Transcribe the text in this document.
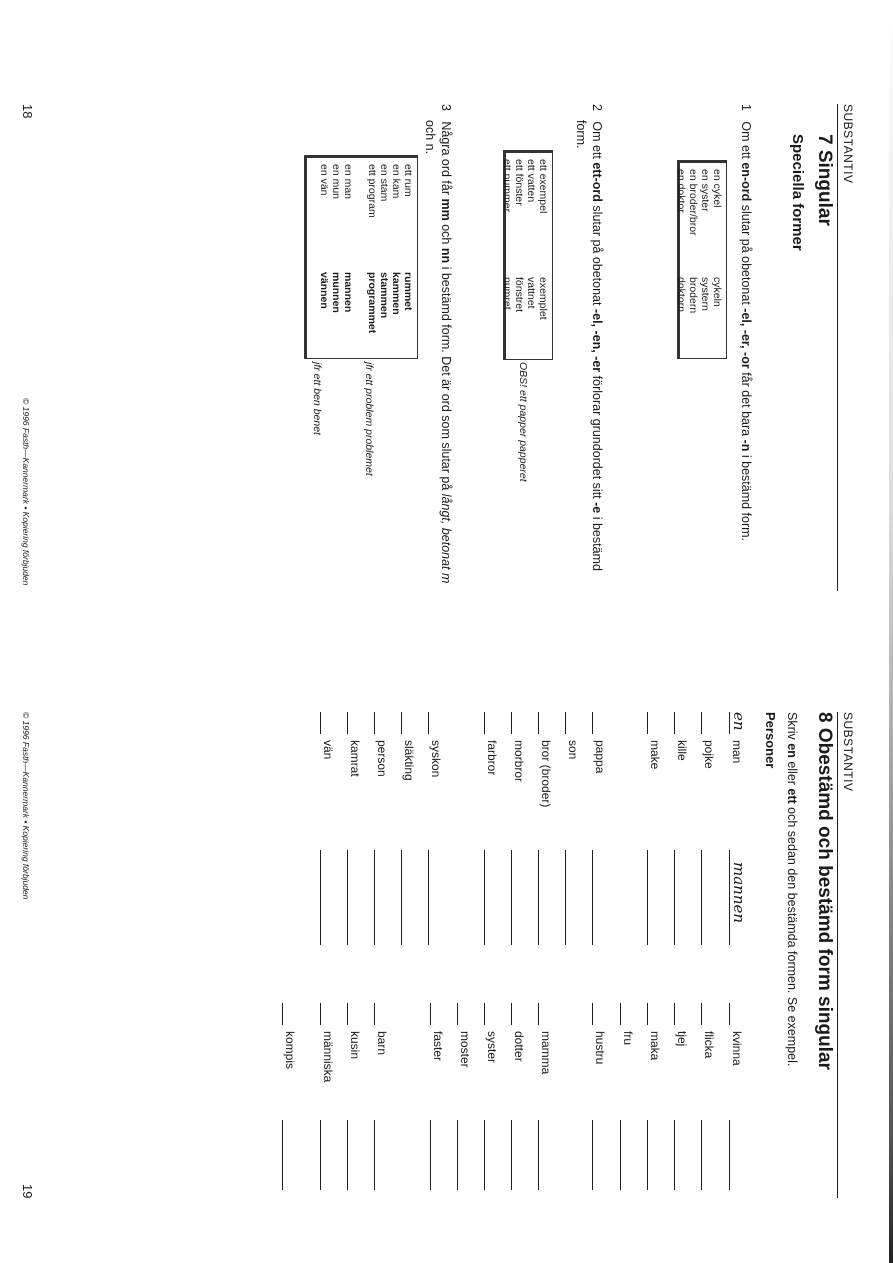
SUBSTANTIV
7 Singular
Speciella former
1   Om ett en-ord slutar på obetonat -el, -er, -or får det bara -n i bestämd form.
en cykel
en syster
en broder/bror
en doktor
cykeln
systern
brodern
doktorn
2   Om ett ett-ord slutar på obetonat -el, -en, -er förlorar grundordet sitt -e i bestämd
form.
ett exempel
ett vatten
ett fönster
ett nummer
exemplet
vattnet
fönstret
numret
OBS! ett papper papperet
3   Några ord får mm och nn i bestämd form. Det är ord som slutar på långt, betonat m
och n.
ett rum
en kam
en stam
ett program
en man
en mun
en vän
rummet
kammen
stammen
programmet
mannen
munnen
vännen
jfr ett problem problemet
jfr ett ben benet
© 1996 Fasth—Kannermark • Kopiering förbjuden
18
SUBSTANTIV
8 Obestämd och bestämd form singular
Skriv en eller ett och sedan den bestämda formen. Se exempel.
Personer
en
mannen
man
pojke
kille
make
pappa
son
bror (broder)
morbror
farbror
syskon
släkting
person
kamrat
vän
kvinna
flicka
tjej
maka
fru
hustru
mamma
dotter
syster
moster
faster
barn
kusin
människa
kompis
© 1996 Fasth—Kannermark • Kopiering förbjuden
19
